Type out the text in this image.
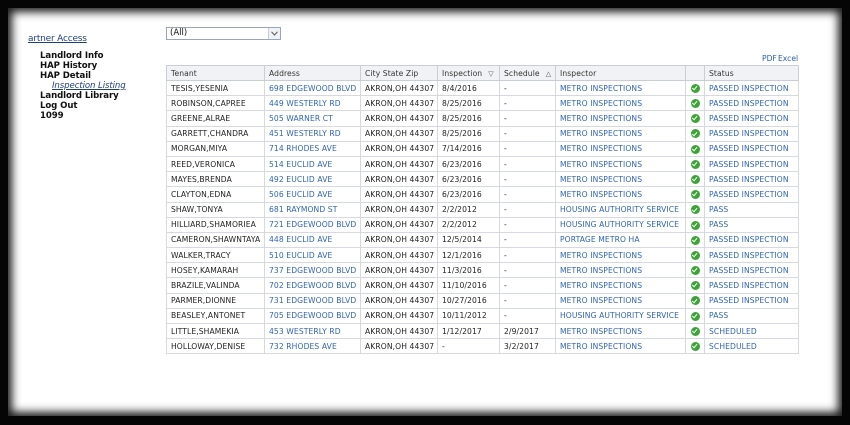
artner Access
Landlord Info
HAP History
HAP Detail
Inspection Listing
Landlord Library
Log Out
1099
(All)
PDF Excel
Tenant	Address	City State Zip	Inspection ▽	Schedule △	Inspector		Status
TESIS,YESENIA	698 EDGEWOOD BLVD	AKRON,OH 44307	8/4/2016	-	METRO INSPECTIONS		PASSED INSPECTION
ROBINSON,CAPREE	449 WESTERLY RD	AKRON,OH 44307	8/25/2016	-	METRO INSPECTIONS		PASSED INSPECTION
GREENE,ALRAE	505 WARNER CT	AKRON,OH 44307	8/25/2016	-	METRO INSPECTIONS		PASSED INSPECTION
GARRETT,CHANDRA	451 WESTERLY RD	AKRON,OH 44307	8/25/2016	-	METRO INSPECTIONS		PASSED INSPECTION
MORGAN,MIYA	714 RHODES AVE	AKRON,OH 44307	7/14/2016	-	METRO INSPECTIONS		PASSED INSPECTION
REED,VERONICA	514 EUCLID AVE	AKRON,OH 44307	6/23/2016	-	METRO INSPECTIONS		PASSED INSPECTION
MAYES,BRENDA	492 EUCLID AVE	AKRON,OH 44307	6/23/2016	-	METRO INSPECTIONS		PASSED INSPECTION
CLAYTON,EDNA	506 EUCLID AVE	AKRON,OH 44307	6/23/2016	-	METRO INSPECTIONS		PASSED INSPECTION
SHAW,TONYA	681 RAYMOND ST	AKRON,OH 44307	2/2/2012	-	HOUSING AUTHORITY SERVICE		PASS
HILLIARD,SHAMORIEA	721 EDGEWOOD BLVD	AKRON,OH 44307	2/2/2012	-	HOUSING AUTHORITY SERVICE		PASS
CAMERON,SHAWNTAYA	448 EUCLID AVE	AKRON,OH 44307	12/5/2014	-	PORTAGE METRO HA		PASSED INSPECTION
WALKER,TRACY	510 EUCLID AVE	AKRON,OH 44307	12/1/2016	-	METRO INSPECTIONS		PASSED INSPECTION
HOSEY,KAMARAH	737 EDGEWOOD BLVD	AKRON,OH 44307	11/3/2016	-	METRO INSPECTIONS		PASSED INSPECTION
BRAZILE,VALINDA	702 EDGEWOOD BLVD	AKRON,OH 44307	11/10/2016	-	METRO INSPECTIONS		PASSED INSPECTION
PARMER,DIONNE	731 EDGEWOOD BLVD	AKRON,OH 44307	10/27/2016	-	METRO INSPECTIONS		PASSED INSPECTION
BEASLEY,ANTONET	705 EDGEWOOD BLVD	AKRON,OH 44307	10/11/2012	-	HOUSING AUTHORITY SERVICE		PASS
LITTLE,SHAMEKIA	453 WESTERLY RD	AKRON,OH 44307	1/12/2017	2/9/2017	METRO INSPECTIONS		SCHEDULED
HOLLOWAY,DENISE	732 RHODES AVE	AKRON,OH 44307	-	3/2/2017	METRO INSPECTIONS		SCHEDULED
